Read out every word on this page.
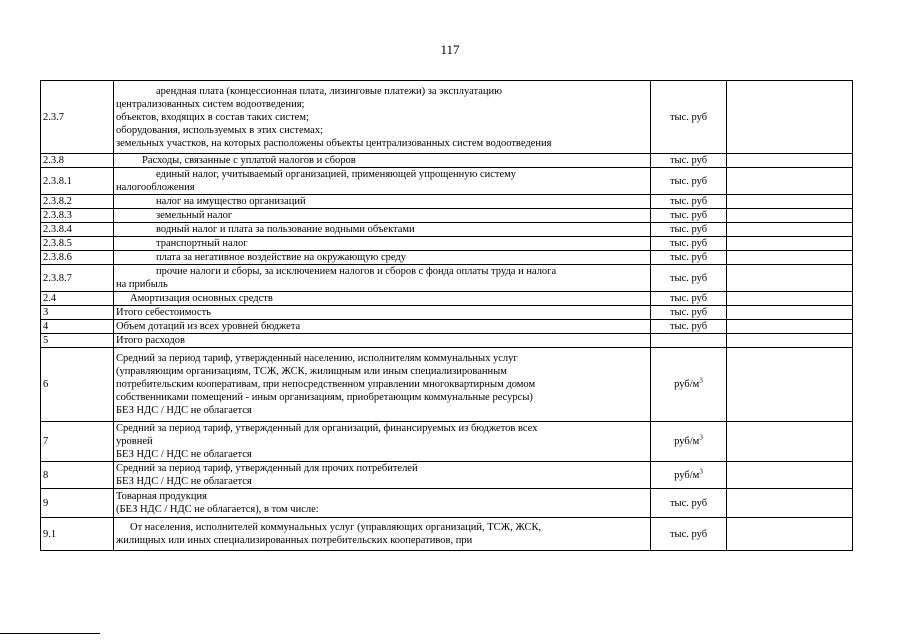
117
2.3.7	арендная плата (концессионная плата, лизинговые платежи) за эксплуатацию
централизованных систем водоотведения;
объектов, входящих в состав таких систем;
оборудования, используемых в этих системах;
земельных участков, на которых расположены объекты централизованных систем водоотведения	тыс. руб	
2.3.8	Расходы, связанные с уплатой налогов и сборов	тыс. руб	
2.3.8.1	единый налог, учитываемый организацией, применяющей упрощенную систему
налогообложения	тыс. руб	
2.3.8.2	налог на имущество организаций	тыс. руб	
2.3.8.3	земельный налог	тыс. руб	
2.3.8.4	водный налог и плата за пользование водными объектами	тыс. руб	
2.3.8.5	транспортный налог	тыс. руб	
2.3.8.6	плата за негативное воздействие на окружающую среду	тыс. руб	
2.3.8.7	прочие налоги и сборы, за исключением налогов и сборов с фонда оплаты труда и налога
на прибыль	тыс. руб	
2.4	Амортизация основных средств	тыс. руб	
3	Итого себестоимость	тыс. руб	
4	Объем дотаций из всех уровней бюджета	тыс. руб	
5	Итого расходов		

6	Средний за период тариф, утвержденный населению, исполнителям коммунальных услуг
(управляющим организациям, ТСЖ, ЖСК, жилищным или иным специализированным
потребительским кооперативам, при непосредственном управлении многоквартирным домом
собственниками помещений - иным организациям, приобретающим коммунальные ресурсы)
БЕЗ НДС / НДС не облагается	руб/$м^3$	
7	Средний за период тариф, утвержденный для организаций, финансируемых из бюджетов всех
уровней
БЕЗ НДС / НДС не облагается	руб/$м^3$	
8	Средний за период тариф, утвержденный для прочих потребителей
БЕЗ НДС / НДС не облагается	руб/$м^3$	
9	Товарная продукция
(БЕЗ НДС / НДС не облагается), в том числе:	тыс. руб	
9.1	От населения, исполнителей коммунальных услуг (управляющих организаций, ТСЖ, ЖСК,
жилищных или иных специализированных потребительских кооперативов, при	тыс. руб	
